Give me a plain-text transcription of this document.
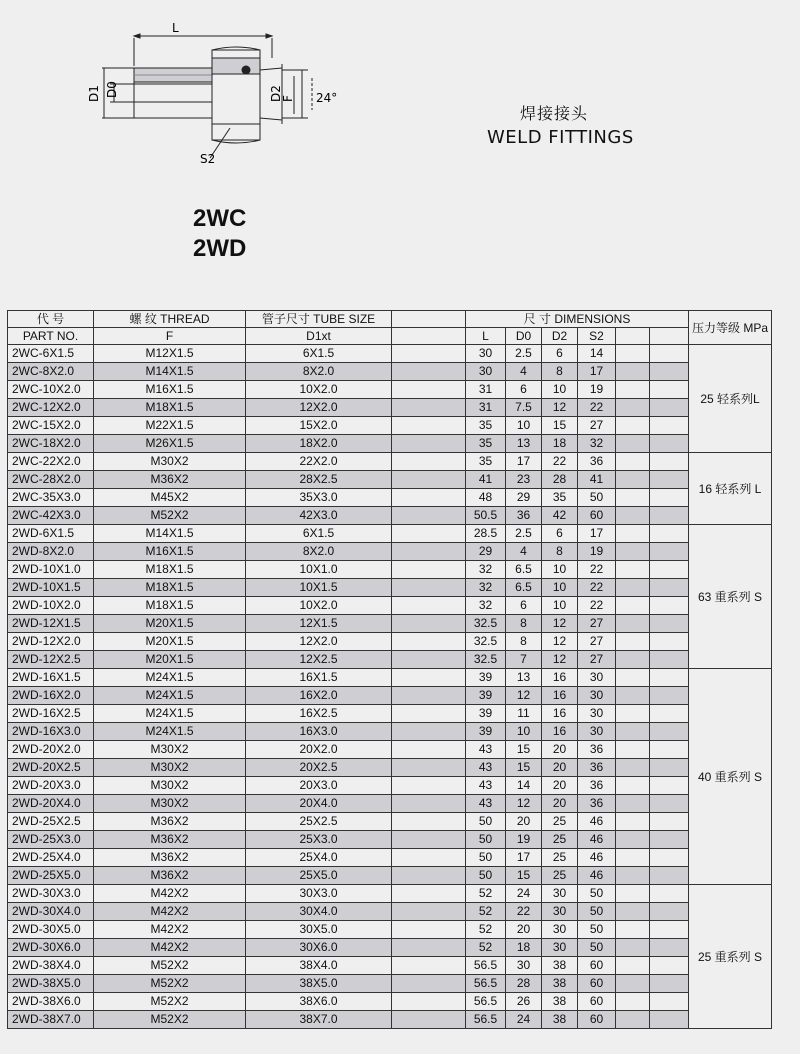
L
D1 D0	D2
F 24°
S2
焊接接头
WELD FITTINGS
2WC
2WD
代 号	螺 纹 THREAD	管子尺寸 TUBE SIZE		尺 寸 DIMENSIONS						压力等级 MPa
PART NO.	F	D1xt		L	D0	D2	S2			
2WC-6X1.5	M12X1.5	6X1.5		30	2.5	6	14			25 轻系列L
2WC-8X2.0	M14X1.5	8X2.0		30	4	8	17			
2WC-10X2.0	M16X1.5	10X2.0		31	6	10	19			
2WC-12X2.0	M18X1.5	12X2.0		31	7.5	12	22			
2WC-15X2.0	M22X1.5	15X2.0		35	10	15	27			
2WC-18X2.0	M26X1.5	18X2.0		35	13	18	32			
2WC-22X2.0	M30X2	22X2.0		35	17	22	36			16 轻系列 L
2WC-28X2.0	M36X2	28X2.5		41	23	28	41			
2WC-35X3.0	M45X2	35X3.0		48	29	35	50			
2WC-42X3.0	M52X2	42X3.0		50.5	36	42	60			
2WD-6X1.5	M14X1.5	6X1.5		28.5	2.5	6	17			63 重系列 S
2WD-8X2.0	M16X1.5	8X2.0		29	4	8	19			
2WD-10X1.0	M18X1.5	10X1.0		32	6.5	10	22			
2WD-10X1.5	M18X1.5	10X1.5		32	6.5	10	22			
2WD-10X2.0	M18X1.5	10X2.0		32	6	10	22			
2WD-12X1.5	M20X1.5	12X1.5		32.5	8	12	27			
2WD-12X2.0	M20X1.5	12X2.0		32.5	8	12	27			
2WD-12X2.5	M20X1.5	12X2.5		32.5	7	12	27			
2WD-16X1.5	M24X1.5	16X1.5		39	13	16	30			40 重系列 S
2WD-16X2.0	M24X1.5	16X2.0		39	12	16	30			
2WD-16X2.5	M24X1.5	16X2.5		39	11	16	30			
2WD-16X3.0	M24X1.5	16X3.0		39	10	16	30			
2WD-20X2.0	M30X2	20X2.0		43	15	20	36			
2WD-20X2.5	M30X2	20X2.5		43	15	20	36			
2WD-20X3.0	M30X2	20X3.0		43	14	20	36			
2WD-20X4.0	M30X2	20X4.0		43	12	20	36			
2WD-25X2.5	M36X2	25X2.5		50	20	25	46			
2WD-25X3.0	M36X2	25X3.0		50	19	25	46			
2WD-25X4.0	M36X2	25X4.0		50	17	25	46			
2WD-25X5.0	M36X2	25X5.0		50	15	25	46			
2WD-30X3.0	M42X2	30X3.0		52	24	30	50			25 重系列 S
2WD-30X4.0	M42X2	30X4.0		52	22	30	50			
2WD-30X5.0	M42X2	30X5.0		52	20	30	50			
2WD-30X6.0	M42X2	30X6.0		52	18	30	50			
2WD-38X4.0	M52X2	38X4.0		56.5	30	38	60			
2WD-38X5.0	M52X2	38X5.0		56.5	28	38	60			
2WD-38X6.0	M52X2	38X6.0		56.5	26	38	60			
2WD-38X7.0	M52X2	38X7.0		56.5	24	38	60			
